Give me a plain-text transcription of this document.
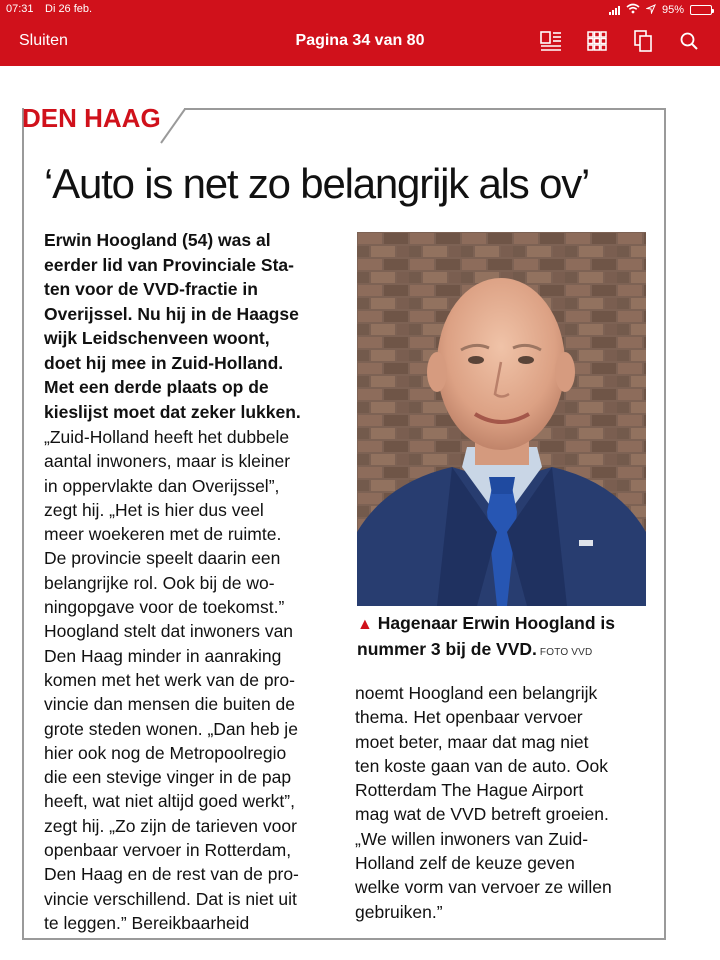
07:31 Di 26 feb.	95%
Sluiten	Pagina 34 van 80
DEN HAAG
‘Auto is net zo belangrijk als ov’
Erwin Hoogland (54) was al
eerder lid van Provinciale Sta-
ten voor de VVD-fractie in
Overijssel. Nu hij in de Haagse
wijk Leidschenveen woont,
doet hij mee in Zuid-Holland.
Met een derde plaats op de
kieslijst moet dat zeker lukken.
▲ Hagenaar Erwin Hoogland is
nummer 3 bij de VVD. FOTO VVD
„Zuid-Holland heeft het dubbele
aantal inwoners, maar is kleiner
in oppervlakte dan Overijssel”,
zegt hij. „Het is hier dus veel
meer woekeren met de ruimte.
De provincie speelt daarin een
belangrijke rol. Ook bij de wo-
ningopgave voor de toekomst.”
Hoogland stelt dat inwoners van
Den Haag minder in aanraking
komen met het werk van de pro-
vincie dan mensen die buiten de
grote steden wonen. „Dan heb je
hier ook nog de Metropoolregio
die een stevige vinger in de pap
heeft, wat niet altijd goed werkt”,
zegt hij. „Zo zijn de tarieven voor
openbaar vervoer in Rotterdam,
Den Haag en de rest van de pro-
vincie verschillend. Dat is niet uit
te leggen.” Bereikbaarheid
noemt Hoogland een belangrijk
thema. Het openbaar vervoer
moet beter, maar dat mag niet
ten koste gaan van de auto. Ook
Rotterdam The Hague Airport
mag wat de VVD betreft groeien.
„We willen inwoners van Zuid-
Holland zelf de keuze geven
welke vorm van vervoer ze willen
gebruiken.”
